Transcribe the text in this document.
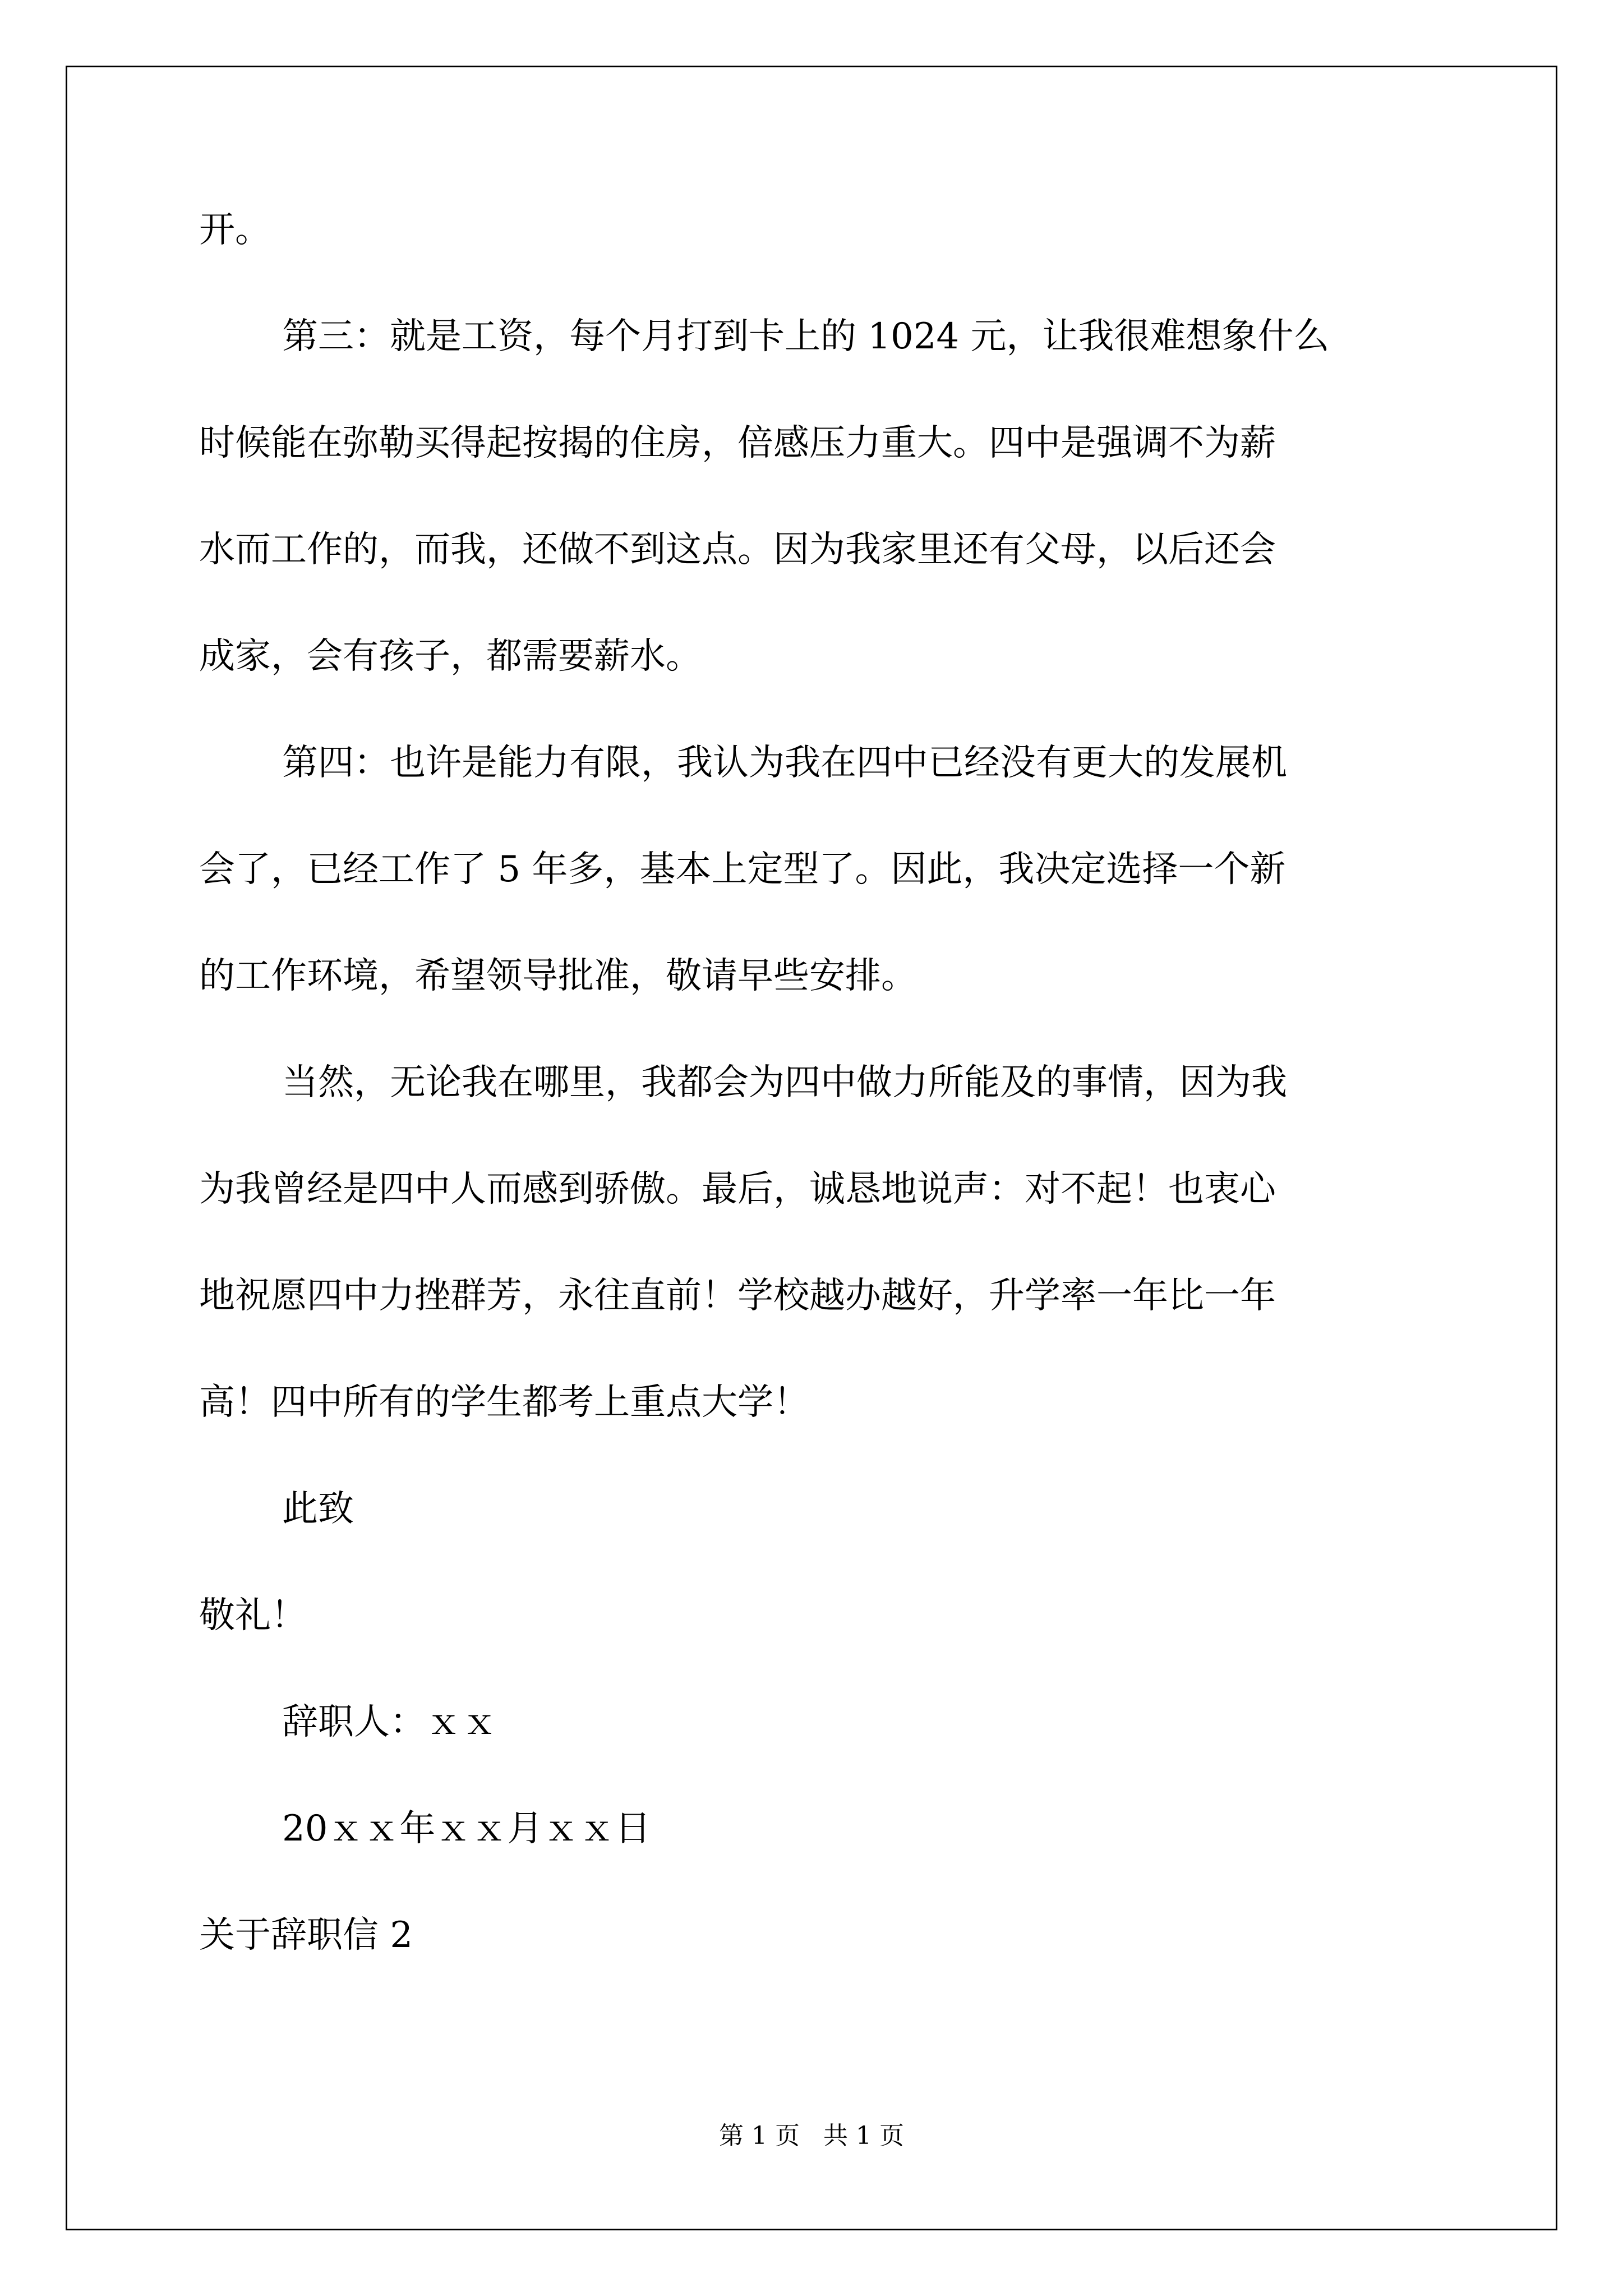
开。
第三：就是工资，每个月打到卡上的 1024 元，让我很难想象什么
时候能在弥勒买得起按揭的住房，倍感压力重大。四中是强调不为薪
水而工作的，而我，还做不到这点。因为我家里还有父母，以后还会
成家，会有孩子，都需要薪水。
第四：也许是能力有限，我认为我在四中已经没有更大的发展机
会了，已经工作了 5 年多，基本上定型了。因此，我决定选择一个新
的工作环境，希望领导批准，敬请早些安排。
当然，无论我在哪里，我都会为四中做力所能及的事情，因为我
为我曾经是四中人而感到骄傲。最后，诚恳地说声：对不起！也衷心
地祝愿四中力挫群芳，永往直前！学校越办越好，升学率一年比一年
高！四中所有的学生都考上重点大学！
此致
敬礼！
辞职人：ｘｘ
20ｘｘ年ｘｘ月ｘｘ日
关于辞职信 2
第 1 页 共 1 页
